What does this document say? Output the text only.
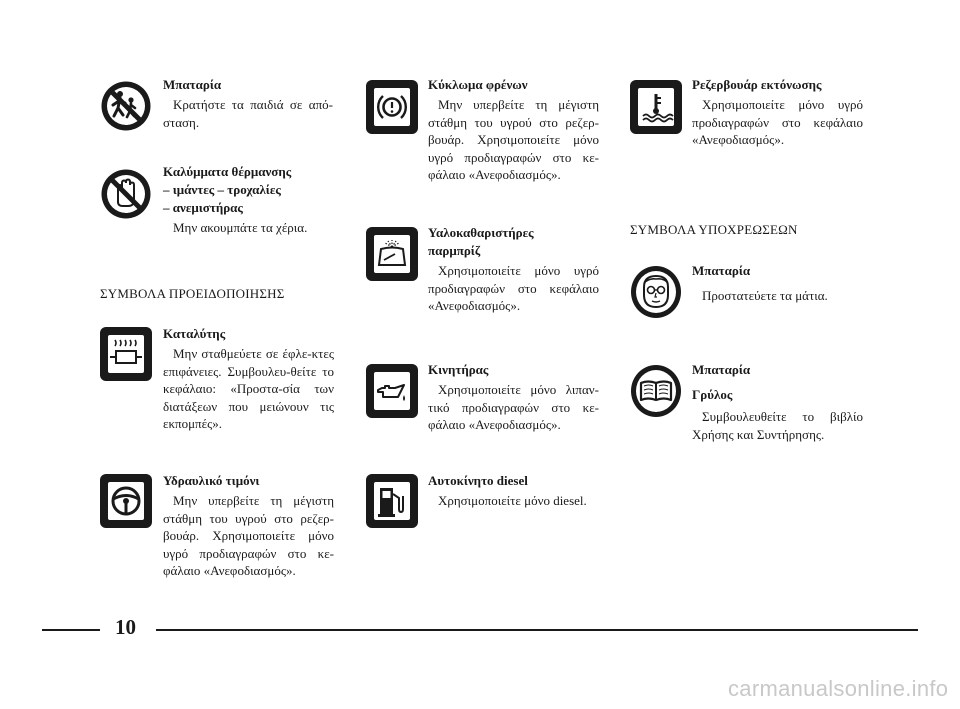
Μπαταρία
Κρατήστε τα παιδιά σε από-σταση.
Καλύμματα θέρμανσης
– ιμάντες – τροχαλίες
– ανεμιστήρας
Μην ακουμπάτε τα χέρια.
ΣΥΜΒΟΛΑ ΠΡΟΕΙΔΟΠΟΙΗΣΗΣ
Καταλύτης
Μην σταθμεύετε σε έφλε-κτες επιφάνειες. Συμβουλευ-θείτε το κεφάλαιο: «Προστα-σία των διατάξεων που μειώνουν τις εκπομπές».
Υδραυλικό τιμόνι
Μην υπερβείτε τη μέγιστη στάθμη του υγρού στο ρεζερ-βουάρ. Χρησιμοποιείτε μόνο υγρό προδιαγραφών στο κε-φάλαιο «Ανεφοδιασμός».
Κύκλωμα φρένων
Μην υπερβείτε τη μέγιστη στάθμη του υγρού στο ρεζερ-βουάρ. Χρησιμοποιείτε μόνο υγρό προδιαγραφών στο κε-φάλαιο «Ανεφοδιασμός».
Υαλοκαθαριστήρες
παρμπρίζ
Χρησιμοποιείτε μόνο υγρό προδιαγραφών στο κεφάλαιο «Ανεφοδιασμός».
Κινητήρας
Χρησιμοποιείτε μόνο λιπαν-τικό προδιαγραφών στο κε-φάλαιο «Ανεφοδιασμός».
Αυτοκίνητο diesel
Χρησιμοποιείτε μόνο diesel.
Ρεζερβουάρ εκτόνωσης
Χρησιμοποιείτε μόνο υγρό προδιαγραφών στο κεφάλαιο «Ανεφοδιασμός».
ΣΥΜΒΟΛΑ ΥΠΟΧΡΕΩΣΕΩΝ
Μπαταρία
Προστατεύετε τα μάτια.
Μπαταρία
Γρύλος
Συμβουλευθείτε το βιβλίο Χρήσης και Συντήρησης.
10
carmanualsonline.info
